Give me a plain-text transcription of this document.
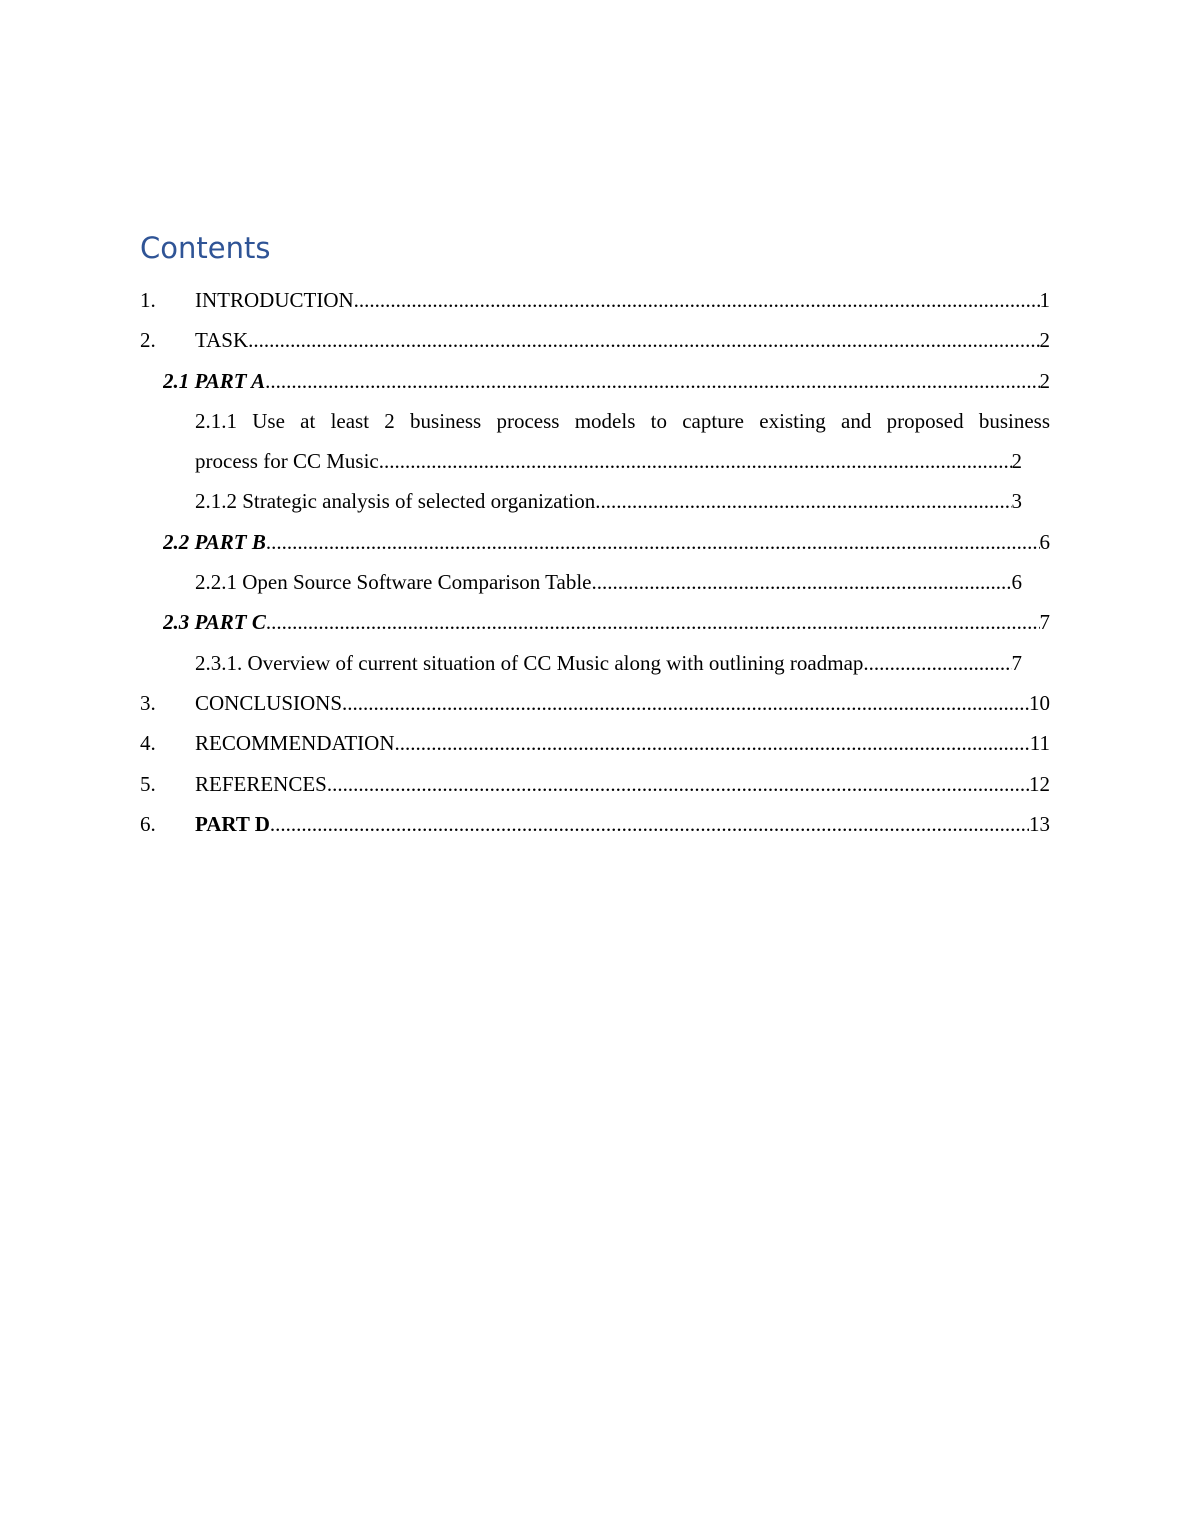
Contents
1. INTRODUCTION .....	1
2. TASK .....	2
2.1 PART A .....	2
2.1.1 Use at least 2 business process models to capture existing and proposed business
process for CC Music .....	2
2.1.2 Strategic analysis of selected organization .....	3
2.2 PART B .....	6
2.2.1 Open Source Software Comparison Table .....	6
2.3 PART C .....	7
2.3.1. Overview of current situation of CC Music along with outlining roadmap .....	7
3. CONCLUSIONS .....	10
4. RECOMMENDATION .....	11
5. REFERENCES .....	12
6. PART D .....	13
